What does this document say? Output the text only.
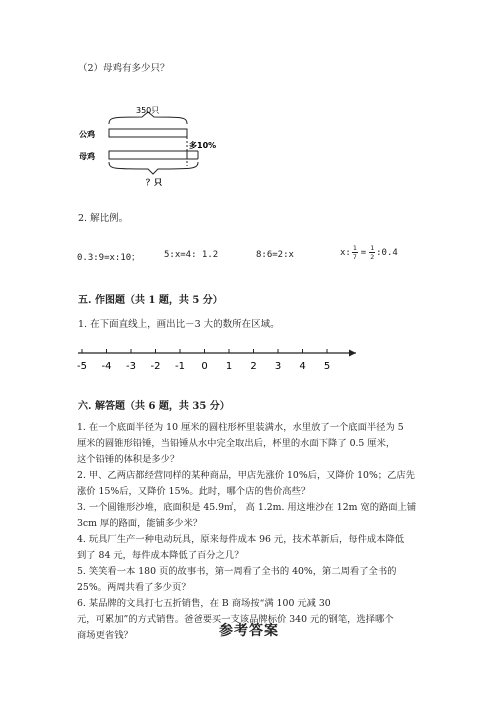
（2）母鸡有多少只？
350只
公鸡
母鸡
多10%
？只
2. 解比例。
0.3:9=x:10；	5:x=4: 1.2	8:6=2:x	x: $\frac{1}{7} = \frac{1}{2}$ :0.4
五. 作图题（共 1 题，共 5 分）
1. 在下面直线上，画出比－3 大的数所在区域。
-5 -4 -3 -2 -1 0 1 2 3 4 5
六. 解答题（共 6 题，共 35 分）
1. 在一个底面半径为 10 厘米的圆柱形杯里装满水，水里放了一个底面半径为 5
厘米的圆锥形铅锤，当铅锤从水中完全取出后，杯里的水面下降了 0.5 厘米，
这个铅锤的体积是多少？
2. 甲、乙两店都经营同样的某种商品，甲店先涨价 10%后，又降价 10%；乙店先
涨价 15%后，又降价 15%。此时，哪个店的售价高些？
3. 一个圆锥形沙堆，底面积是 45.9㎡， 高 1.2m. 用这堆沙在 12m 宽的路面上铺
3cm 厚的路面，能铺多少米？
4. 玩具厂生产一种电动玩具，原来每件成本 96 元，技术革新后，每件成本降低
到了 84 元，每件成本降低了百分之几？
5. 笑笑看一本 180 页的故事书，第一周看了全书的 40%，第二周看了全书的
25%。两周共看了多少页？
6. 某品牌的文具打七五折销售，在 B 商场按“满 100 元减 30
元，可累加”的方式销售。爸爸要买一支该品牌标价 340 元的钢笔，选择哪个
商场更省钱？	参考答案
